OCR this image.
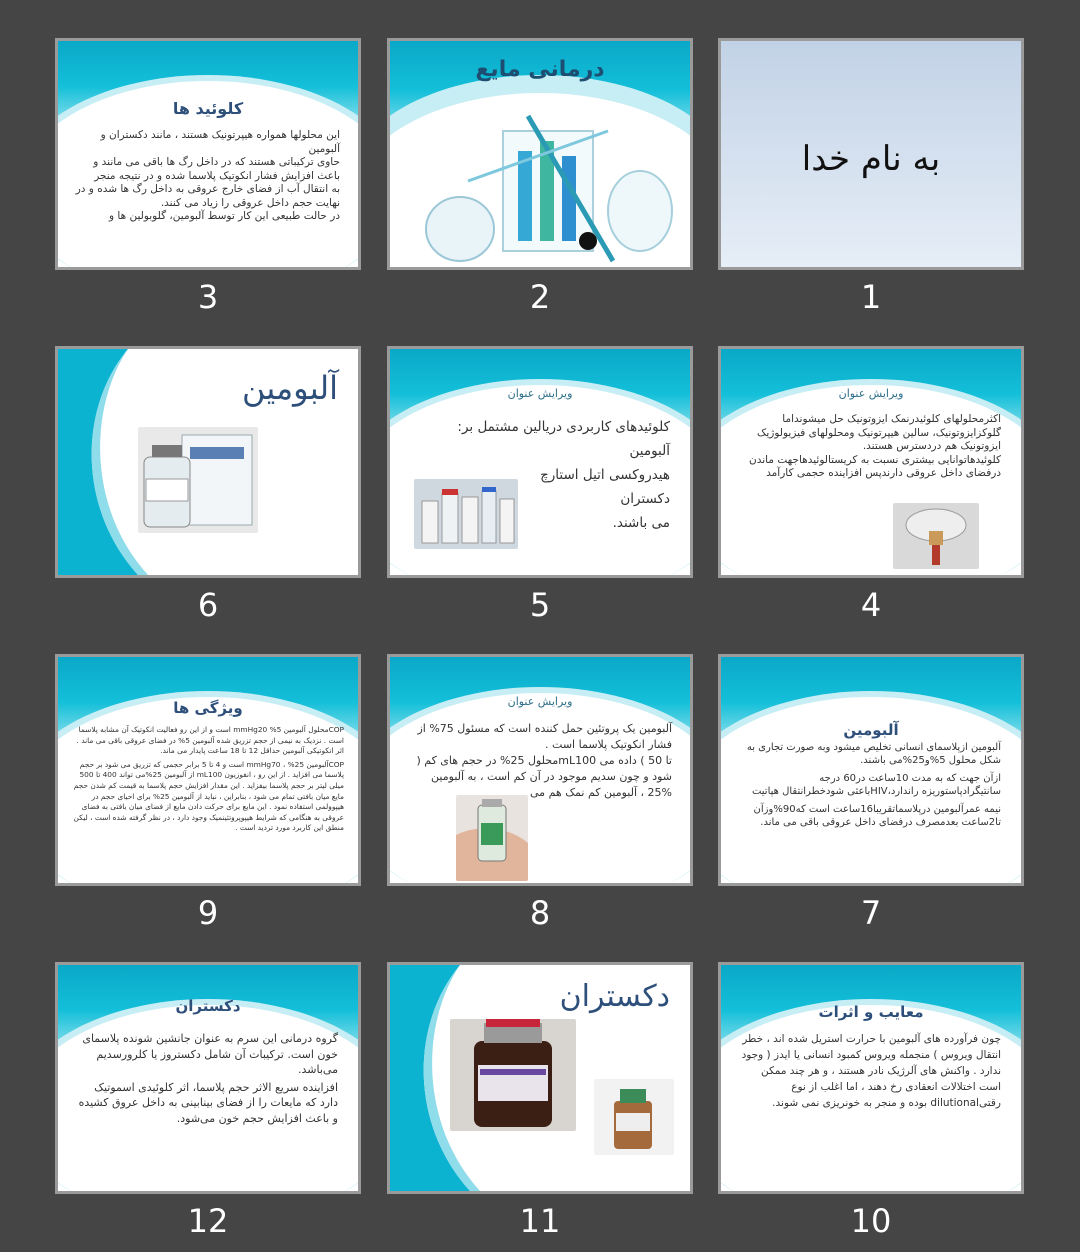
به نام خدا
1
درمانی مایع
2
کلوئید ها

این محلولها همواره هیپرتونیک هستند ، مانند دکستران و آلبومین

حاوی ترکیباتی هستند که در داخل رگ ها باقی می مانند و باعث افزایش فشار انکوتیک پلاسما شده و در نتیجه منجر

به انتقال آب از فضای خارج عروقی به داخل رگ ها شده و در نهایت حجم داخل عروقی را زیاد می کنند.

در حالت طبیعی این کار توسط آلبومین، گلوبولین ها و

3
ویرایش عنوان

اکثرمحلولهای کلوئیدرنمک ایزوتونیک حل میشونداما گلوکزایزوتونیک، سالین هیپرتونیک ومحلولهای فیزیولوژیک ایزوتونیک هم دردسترس هستند.

کلوئیدهاتوانایی بیشتری نسبت به کریستالوئیدهاجهت ماندن درفضای داخل عروقی دارندپس افزاینده حجمی کارآمد

4
ویرایش عنوان

کلوئیدهای کاربردی دریالین مشتمل بر:

آلبومین

هیدروکسی اتیل استارچ

دکستران

می باشند.

5
آلبومین
6
آلبومین

آلبومین ازپلاسمای انسانی تخلیص میشود وبه صورت تجاری به شکل محلول 5%و25%می باشند.

ازآن جهت که به مدت 10ساعت در60 درجه سانتیگرادپاستوریزه راندارد،HIVباعثی شودخطرانتقال هپاتیت

نیمه عمرآلبومین درپلاسماتقریبا16ساعت است که90%وزآن تا2ساعت بعدمصرف درفضای داخل عروقی باقی می ماند.

7
ویرایش عنوان

آلبومین یک پروتئین حمل کننده است که مسئول 75% از فشار انکوتیک پلاسما است .

تا 50 ) داده می mL100محلول 25% در حجم های کم (

شود و چون سدیم موجود در آن کم است ، به آلبومین

25% ، آلبومین کم نمک هم می

8
ویژگی ها

COPمحلول آلبومین 5% mmHg20 است و از این رو فعالیت انکوتیک آن مشابه پلاسما است . نزدیک به نیمی از حجم تزریق شده آلبومین 5% در فضای عروقی باقی می ماند . اثر انکوتیکی آلبومین حداقل 12 تا 18 ساعت پایدار می ماند.

COPآلبومین 25% ، mmHg70 است و 4 تا 5 برابر حجمی که تزریق می شود بر حجم پلاسما می افزاید . از این رو ، انفوزیون mL100 از آلبومین 25%می تواند 400 تا 500 میلی لیتر بر حجم پلاسما بیفزاید . این مقدار افزایش حجم پلاسما به قیمت کم شدن حجم مایع میان بافتی تمام می شود ، بنابراین ، نباید از آلبومین 25% برای احیای حجم در هیپوولمی استفاده نمود . این مایع برای حرکت دادن مایع از فضای میان بافتی به فضای عروقی به هنگامی که شرایط هیپوپروتئینمیک وجود دارد ، در نظر گرفته شده است ، لیکن منطق این کاربرد مورد تردید است .

9
معایب و اثرات

چون فرآورده های آلبومین با حرارت استریل شده اند ، خطر انتقال ویروس ) منجمله ویروس کمبود انسانی یا ایدز ( وجود ندارد . واکنش های آلرژیک نادر هستند ، و هر چند ممکن است اختلالات انعقادی رخ دهند ، اما اغلب از نوع رقتیdilutional بوده و منجر به خونریزی نمی شوند.

10
دکستران
11
دکستران

گروه درمانی این سرم به عنوان جانشین شونده پلاسمای خون است. ترکیبات آن شامل دکستروز یا کلرورسدیم می‌باشد.

افزاینده سریع الاثر حجم پلاسما، اثر کلوئیدی اسموتیک دارد که مایعات را از فضای بینابینی به داخل عروق کشیده و باعث افزایش حجم خون می‌شود.

12
